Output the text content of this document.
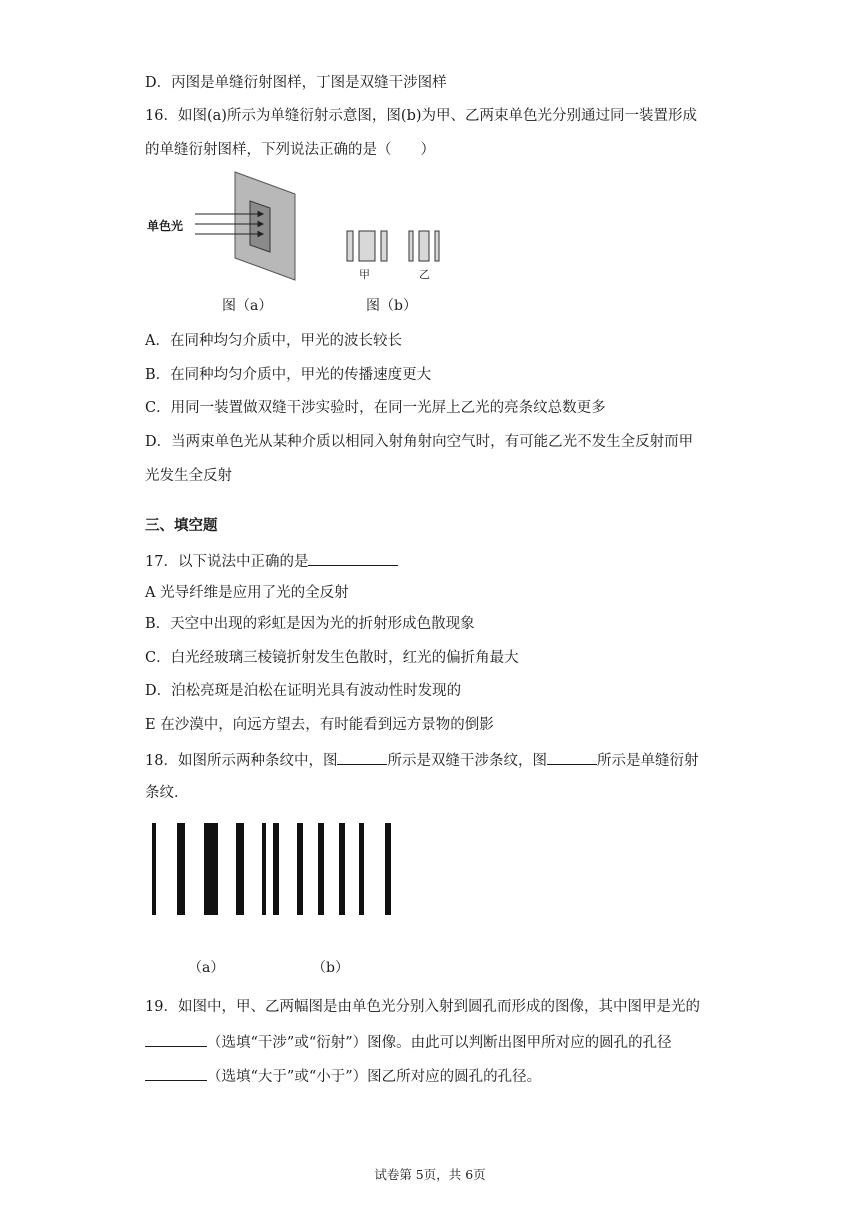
D．丙图是单缝衍射图样，丁图是双缝干涉图样
16．如图(a)所示为单缝衍射示意图，图(b)为甲、乙两束单色光分别通过同一装置形成
的单缝衍射图样，下列说法正确的是（　　）
单色光
图（a）
甲	乙
图（b）
A．在同种均匀介质中，甲光的波长较长
B．在同种均匀介质中，甲光的传播速度更大
C．用同一装置做双缝干涉实验时，在同一光屏上乙光的亮条纹总数更多
D．当两束单色光从某种介质以相同入射角射向空气时，有可能乙光不发生全反射而甲
光发生全反射
三、填空题
17．以下说法中正确的是
A 光导纤维是应用了光的全反射
B．天空中出现的彩虹是因为光的折射形成色散现象
C．白光经玻璃三棱镜折射发生色散时，红光的偏折角最大
D．泊松亮斑是泊松在证明光具有波动性时发现的
E 在沙漠中，向远方望去，有时能看到远方景物的倒影
18．如图所示两种条纹中，图	所示是双缝干涉条纹，图	所示是单缝衍射
条纹．
（a）	（b）
19．如图中，甲、乙两幅图是由单色光分别入射到圆孔而形成的图像，其中图甲是光的
（选填“干涉”或“衍射”）图像。由此可以判断出图甲所对应的圆孔的孔径
（选填“大于”或“小于”）图乙所对应的圆孔的孔径。
试卷第 5页，共 6页
